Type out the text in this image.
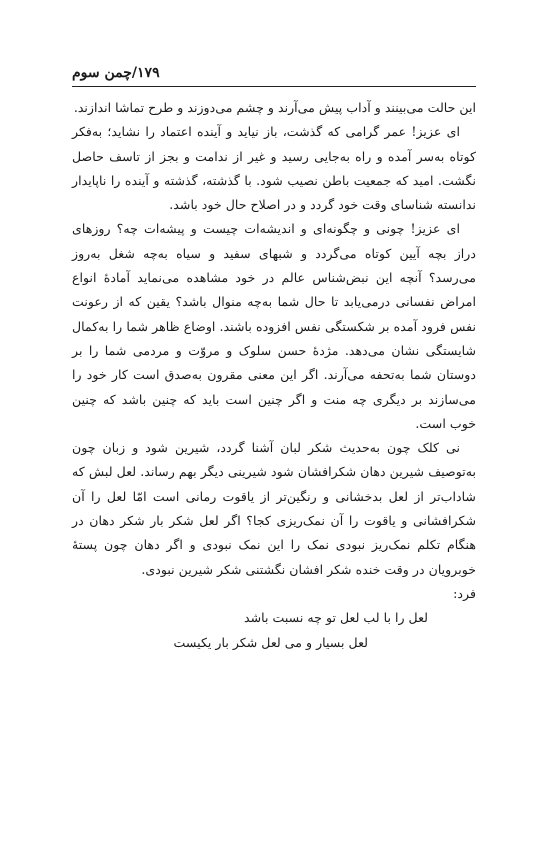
۱۷۹/چمن سوم

این حالت می‌بینند و آداب پیش می‌آرند و چشم می‌دوزند و طرح تماشا اندازند.

ای عزیز! عمر گرامی که گذشت، باز نیاید و آینده اعتماد را نشاید؛ به‌فکر کوتاه به‌سر آمده و راه به‌جایی رسید و غیر از ندامت و بجز از تاسف حاصل نگشت. امید که جمعیت باطن نصیب شود. با گذشته، گذشته و آینده را ناپایدار ندانسته شناسای وقت خود گردد و در اصلاح حال خود باشد.

ای عزیز! چونی و چگونه‌ای و اندیشه‌ات چیست و پیشه‌ات چه؟ روزهای دراز بچه آیین کوتاه می‌گردد و شبهای سفید و سیاه به‌چه شغل به‌روز می‌رسد؟ آنچه این نبض‌شناس عالم در خود مشاهده می‌نماید آمادهٔ انواع امراض نفسانی درمی‌یابد تا حال شما به‌چه منوال باشد؟ یقین که از رعونت نفس فرود آمده بر شکستگی نفس افزوده باشند. اوضاع ظاهر شما را به‌کمال شایستگی نشان می‌دهد. مژدهٔ حسن سلوک و مروّت و مردمی شما را بر دوستان شما به‌تحفه می‌آرند. اگر این معنی مقرون به‌صدق است کار خود را می‌سازند بر دیگری چه منت و اگر چنین است باید که چنین باشد که چنین خوب است.

نی کلک چون به‌حدیث شکر لبان آشنا گردد، شیرین شود و زبان چون به‌توصیف شیرین دهان شکرافشان شود شیرینی دیگر بهم رساند. لعل لبش که شاداب‌تر از لعل بدخشانی و رنگین‌تر از یاقوت رمانی است امّا لعل را آن شکرافشانی و یاقوت را آن نمک‌ریزی کجا؟ اگر لعل شکر بار شکر دهان در هنگام تکلم نمک‌ریز نبودی نمک را این نمک نبودی و اگر دهان چون پستهٔ خوبرویان در وقت خنده شکر افشان نگشتنی شکر شیرین نبودی.

فرد:

لعل را با لب لعل تو چه نسبت باشد

لعل بسیار و می لعل شکر بار یکیست
